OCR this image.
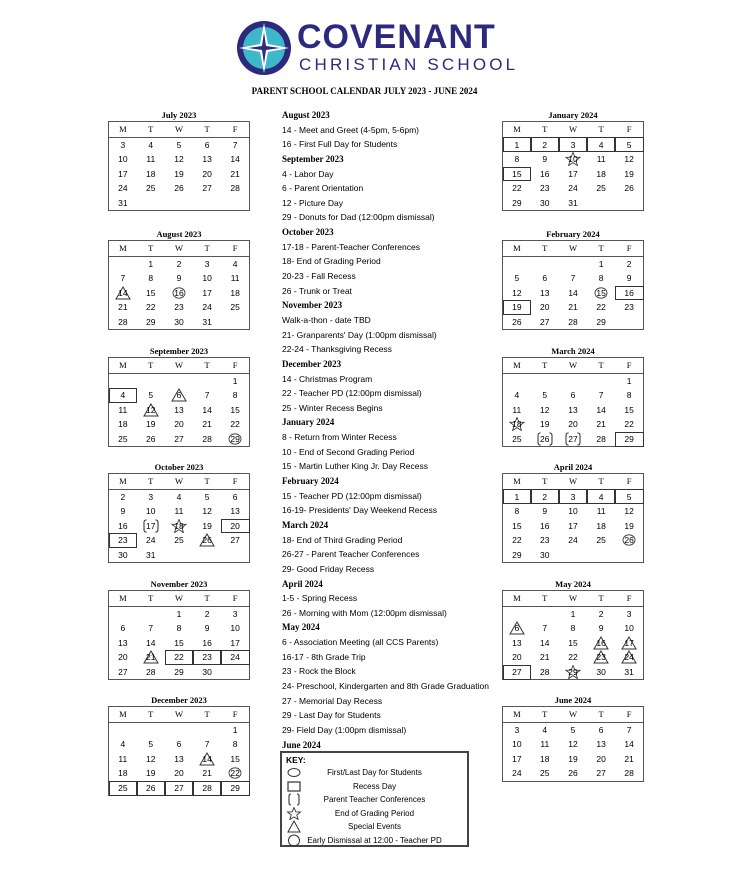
COVENANT
CHRISTIAN SCHOOL
PARENT SCHOOL CALENDAR JULY 2023 - JUNE 2024
July 2023
M	T	W	T	F
3	4	5	6	7
10	11	12	13	14
17	18	19	20	21
24	25	26	27	28
31				
August 2023
M	T	W	T	F
	1	2	3	4
7	8	9	10	11

14	15	16	17	18
21	22	23	24	25
28	29	30	31	
September 2023
M	T	W	T	F
				1
4	5	6	7	8
11	12	13	14	15
18	19	20	21	22
25	26	27	28	29
October 2023
M	T	W	T	F
2	3	4	5	6
9	10	11	12	13
16	17	18	19	20
23	24	25	26	27
30	31			
November 2023
M	T	W	T	F
		1	2	3
6	7	8	9	10
13	14	15	16	17
20	21	22	23	24
27	28	29	30	
December 2023
M	T	W	T	F
				1
4	5	6	7	8
11	12	13	14	15
18	19	20	21	22
25	26	27	28	29
January 2024
M	T	W	T	F
1	2	3	4	5
8	9	10	11	12
15	16	17	18	19
22	23	24	25	26
29	30	31		
February 2024
M	T	W	T	F
			1	2
5	6	7	8	9
12	13	14	15	16
19	20	21	22	23
26	27	28	29	
March 2024
M	T	W	T	F
				1
4	5	6	7	8
11	12	13	14	15

18	19	20	21	22
25	26	27	28	29
April 2024
M	T	W	T	F
1	2	3	4	5
8	9	10	11	12
15	16	17	18	19
22	23	24	25	26
29	30			
May 2024
M	T	W	T	F
		1	2	3

6	7	8	9	10
13	14	15	16	17
20	21	22	23	24
27	28	29	30	31
June 2024
M	T	W	T	F
3	4	5	6	7
10	11	12	13	14
17	18	19	20	21
24	25	26	27	28
August 2023
14 - Meet and Greet (4-5pm, 5-6pm)
16 - First Full Day for Students
September 2023
4 - Labor Day
6 - Parent Orientation
12 - Picture Day
29 - Donuts for Dad (12:00pm dismissal)
October 2023
17-18 - Parent-Teacher Conferences
18- End of Grading Period
20-23 - Fall Recess
26 - Trunk or Treat
November 2023
Walk-a-thon - date TBD
21- Granparents' Day (1:00pm dismissal)
22-24 - Thanksgiving Recess
December 2023
14 - Christmas Program
22 - Teacher PD (12:00pm dismissal)
25 - Winter Recess Begins
January 2024
8 - Return from Winter Recess
10 - End of Second Grading Period
15 - Martin Luther King Jr. Day Recess
February 2024
15 - Teacher PD (12:00pm dismissal)
16-19- Presidents' Day Weekend Recess
March 2024
18- End of Third Grading Period
26-27 - Parent Teacher Conferences
29- Good Friday Recess
April 2024
1-5 - Spring Recess
26 - Morning with Mom (12:00pm dismissal)
May 2024
6 - Association Meeting (all CCS Parents)
16-17 - 8th Grade Trip
23 - Rock the Block
24- Preschool, Kindergarten and 8th Grade Graduation
27 - Memorial Day Recess
29 - Last Day for Students
29- Field Day (1:00pm dismissal)
June 2024
KEY:
First/Last Day for Students
Recess Day
Parent Teacher Conferences
End of Grading Period
Special Events
Early Dismissal at 12:00 - Teacher PD
